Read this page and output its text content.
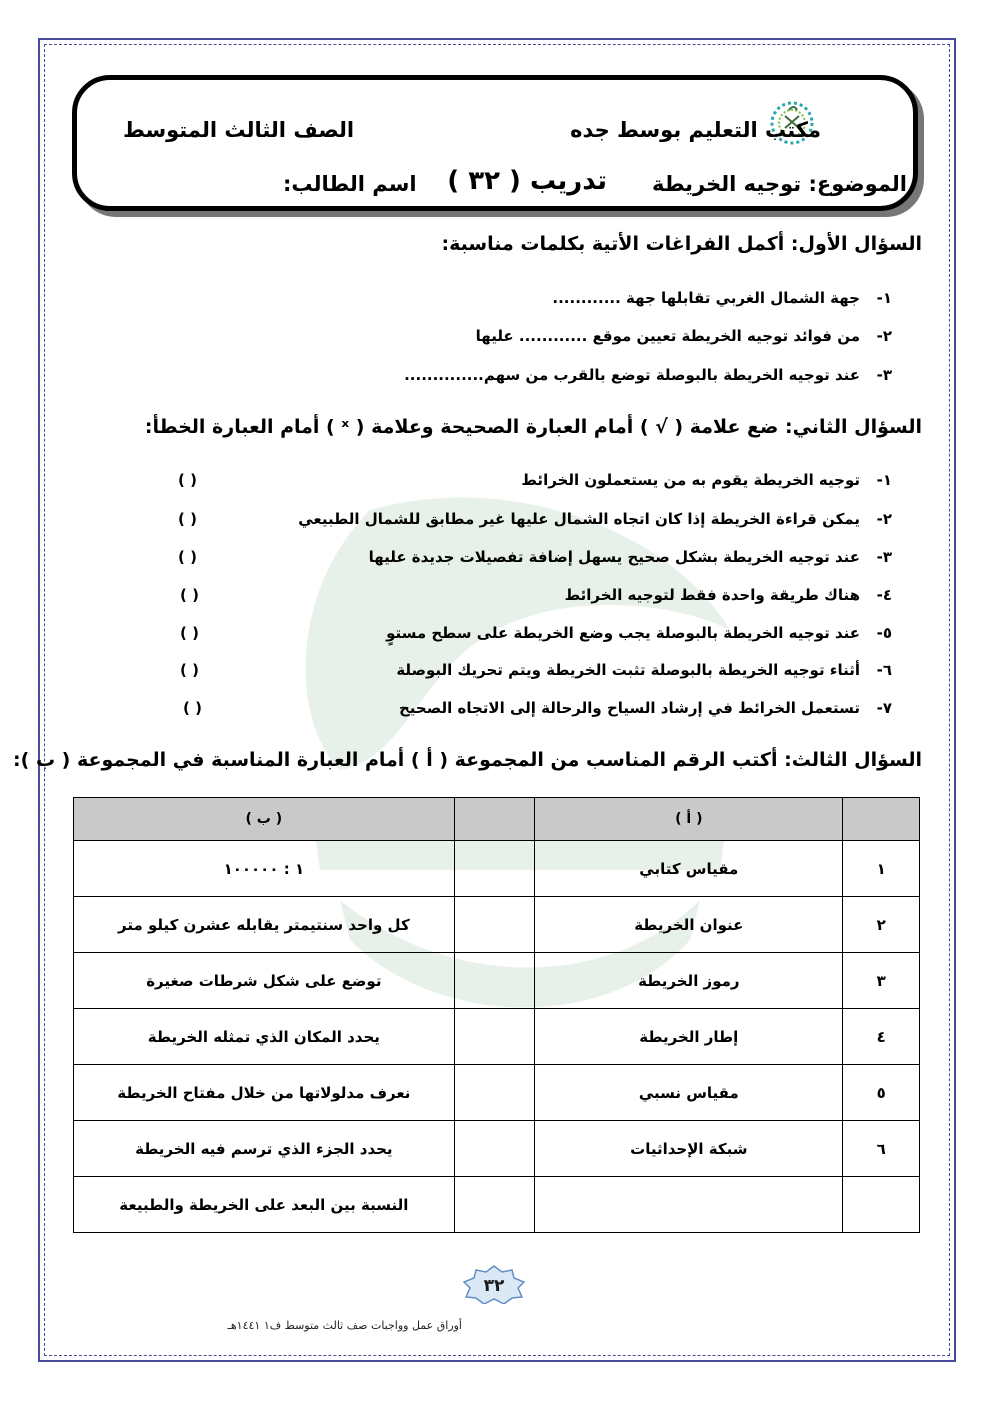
مكتب التعليم بوسط جده
الصف الثالث المتوسط
الموضوع: توجيه الخريطة
تدريب ( ٣٢ )
اسم الطالب:
السؤال الأول: أكمل الفراغات الأتية بكلمات مناسبة:
١-جهة الشمال الغربي تقابلها جهة ............
٢-من فوائد توجيه الخريطة تعيين موقع ............ عليها
٣-عند توجيه الخريطة بالبوصلة توضع بالقرب من سهم..............
السؤال الثاني: ضع علامة ( √ ) أمام العبارة الصحيحة وعلامة ( ˣ ) أمام العبارة الخطأ:
١-توجيه الخريطة يقوم به من يستعملون الخرائط
( )
٢-يمكن قراءة الخريطة إذا كان اتجاه الشمال عليها غير مطابق للشمال الطبيعي
( )
٣-عند توجيه الخريطة بشكل صحيح يسهل إضافة تفصيلات جديدة عليها
( )
٤-هناك طريقة واحدة فقط لتوجيه الخرائط
( )
٥-عند توجيه الخريطة بالبوصلة يجب وضع الخريطة على سطح مستوٍ
( )
٦-أثناء توجيه الخريطة بالبوصلة تثبت الخريطة ويتم تحريك البوصلة
( )
٧-تستعمل الخرائط في إرشاد السياح والرحالة إلى الاتجاه الصحيح
( )
السؤال الثالث: أكتب الرقم المناسب من المجموعة ( أ ) أمام العبارة المناسبة في المجموعة ( ب ):
	( أ )		( ب )
١	مقياس كتابي		١ : ١٠٠٠٠٠
٢	عنوان الخريطة		كل واحد سنتيمتر يقابله عشرن كيلو متر
٣	رموز الخريطة		توضع على شكل شرطات صغيرة
٤	إطار الخريطة		يحدد المكان الذي تمثله الخريطة
٥	مقياس نسبي		نعرف مدلولاتها من خلال مفتاح الخريطة
٦	شبكة الإحداثيات		يحدد الجزء الذي ترسم فيه الخريطة
			النسبة بين البعد على الخريطة والطبيعة
٣٢
أوراق عمل وواجبات صف ثالث متوسط ف١ ١٤٤١هـ
